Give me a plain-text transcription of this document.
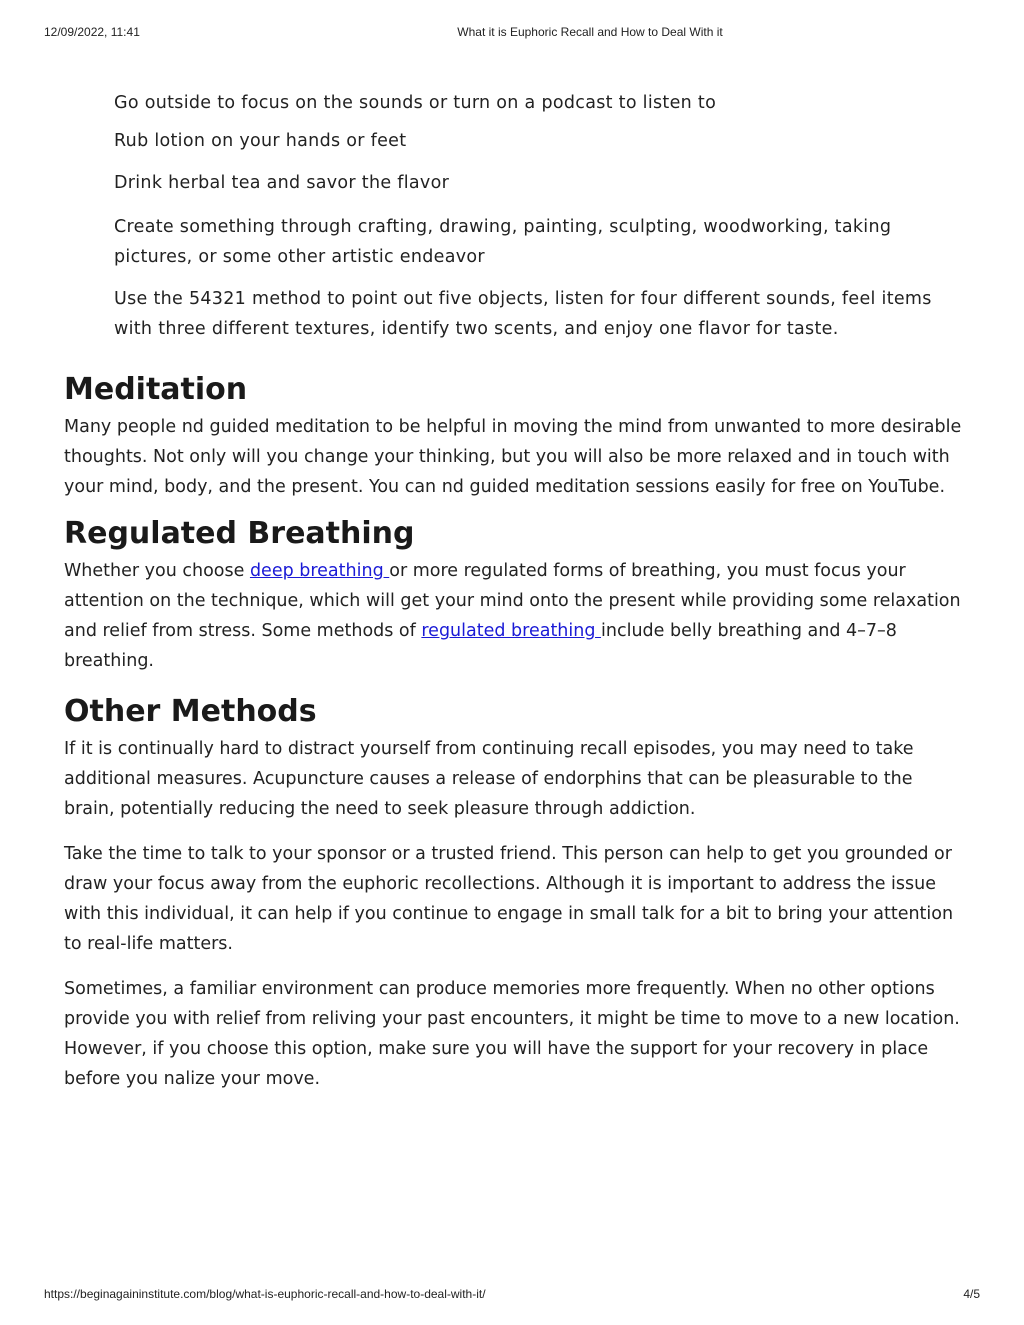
12/09/2022, 11:41	What it is Euphoric Recall and How to Deal With it
Go outside to focus on the sounds or turn on a podcast to listen to
Rub lotion on your hands or feet
Drink herbal tea and savor the flavor
Create something through crafting, drawing, painting, sculpting, woodworking, taking pictures, or some other artistic endeavor
Use the 54321 method to point out five objects, listen for four different sounds, feel items with three different textures, identify two scents, and enjoy one flavor for taste.
Meditation

Many people nd guided meditation to be helpful in moving the mind from unwanted to more desirable thoughts. Not only will you change your thinking, but you will also be more relaxed and in touch with your mind, body, and the present. You can nd guided meditation sessions easily for free on YouTube.

Regulated Breathing

Whether you choose deep breathing or more regulated forms of breathing, you must focus your attention on the technique, which will get your mind onto the present while providing some relaxation and relief from stress. Some methods of regulated breathing include belly breathing and 4–7–8 breathing.

Other Methods

If it is continually hard to distract yourself from continuing recall episodes, you may need to take additional measures. Acupuncture causes a release of endorphins that can be pleasurable to the brain, potentially reducing the need to seek pleasure through addiction.

Take the time to talk to your sponsor or a trusted friend. This person can help to get you grounded or draw your focus away from the euphoric recollections. Although it is important to address the issue with this individual, it can help if you continue to engage in small talk for a bit to bring your attention to real-life matters.

Sometimes, a familiar environment can produce memories more frequently. When no other options provide you with relief from reliving your past encounters, it might be time to move to a new location. However, if you choose this option, make sure you will have the support for your recovery in place before you nalize your move.

https://beginagaininstitute.com/blog/what-is-euphoric-recall-and-how-to-deal-with-it/	4/5
